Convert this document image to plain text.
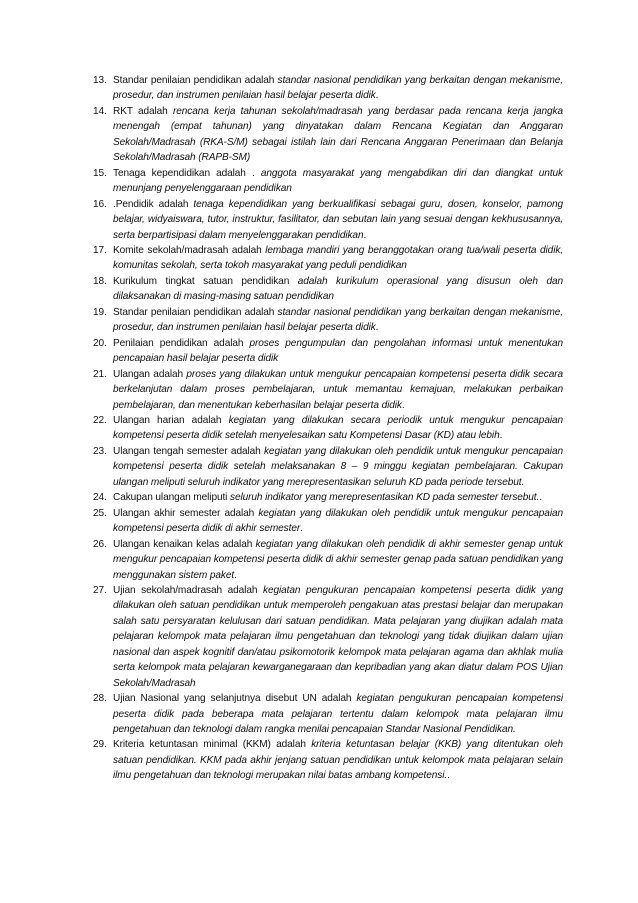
13. Standar penilaian pendidikan adalah standar nasional pendidikan yang berkaitan dengan mekanisme, prosedur, dan instrumen penilaian hasil belajar peserta didik.
14. RKT adalah rencana kerja tahunan sekolah/madrasah yang berdasar pada rencana kerja jangka menengah (empat tahunan) yang dinyatakan dalam Rencana Kegiatan dan Anggaran Sekolah/Madrasah (RKA-S/M) sebagai istilah lain dari Rencana Anggaran Penerimaan dan Belanja Sekolah/Madrasah (RAPB-SM)
15. Tenaga kependidikan adalah . anggota masyarakat yang mengabdikan diri dan diangkat untuk menunjang penyelenggaraan pendidikan
16. .Pendidik adalah tenaga kependidikan yang berkualifikasi sebagai guru, dosen, konselor, pamong belajar, widyaiswara, tutor, instruktur, fasilitator, dan sebutan lain yang sesuai dengan kekhususannya, serta berpartisipasi dalam menyelenggarakan pendidikan.
17. Komite sekolah/madrasah adalah lembaga mandiri yang beranggotakan orang tua/wali peserta didik, komunitas sekolah, serta tokoh masyarakat yang peduli pendidikan
18. Kurikulum tingkat satuan pendidikan adalah kurikulum operasional yang disusun oleh dan dilaksanakan di masing-masing satuan pendidikan
19. Standar penilaian pendidikan adalah standar nasional pendidikan yang berkaitan dengan mekanisme, prosedur, dan instrumen penilaian hasil belajar peserta didik.
20. Penilaian pendidikan adalah proses pengumpulan dan pengolahan informasi untuk menentukan pencapaian hasil belajar peserta didik
21. Ulangan adalah proses yang dilakukan untuk mengukur pencapaian kompetensi peserta didik secara berkelanjutan dalam proses pembelajaran, untuk memantau kemajuan, melakukan perbaikan pembelajaran, dan menentukan keberhasilan belajar peserta didik.
22. Ulangan harian adalah kegiatan yang dilakukan secara periodik untuk mengukur pencapaian kompetensi peserta didik setelah menyelesaikan satu Kompetensi Dasar (KD) atau lebih.
23. Ulangan tengah semester adalah kegiatan yang dilakukan oleh pendidik untuk mengukur pencapaian kompetensi peserta didik setelah melaksanakan 8 – 9 minggu kegiatan pembelajaran. Cakupan ulangan meliputi seluruh indikator yang merepresentasikan seluruh KD pada periode tersebut.
24. Cakupan ulangan meliputi seluruh indikator yang merepresentasikan KD pada semester tersebut..
25. Ulangan akhir semester adalah kegiatan yang dilakukan oleh pendidik untuk mengukur pencapaian kompetensi peserta didik di akhir semester.
26. Ulangan kenaikan kelas adalah kegiatan yang dilakukan oleh pendidik di akhir semester genap untuk mengukur pencapaian kompetensi peserta didik di akhir semester genap pada satuan pendidikan yang menggunakan sistem paket.
27. Ujian sekolah/madrasah adalah kegiatan pengukuran pencapaian kompetensi peserta didik yang dilakukan oleh satuan pendidikan untuk memperoleh pengakuan atas prestasi belajar dan merupakan salah satu persyaratan kelulusan dari satuan pendidikan. Mata pelajaran yang diujikan adalah mata pelajaran kelompok mata pelajaran ilmu pengetahuan dan teknologi yang tidak diujikan dalam ujian nasional dan aspek kognitif dan/atau psikomotorik kelompok mata pelajaran agama dan akhlak mulia serta kelompok mata pelajaran kewarganegaraan dan kepribadian yang akan diatur dalam POS Ujian Sekolah/Madrasah
28. Ujian Nasional yang selanjutnya disebut UN adalah kegiatan pengukuran pencapaian kompetensi peserta didik pada beberapa mata pelajaran tertentu dalam kelompok mata pelajaran ilmu pengetahuan dan teknologi dalam rangka menilai pencapaian Standar Nasional Pendidikan.
29. Kriteria ketuntasan minimal (KKM) adalah kriteria ketuntasan belajar (KKB) yang ditentukan oleh satuan pendidikan. KKM pada akhir jenjang satuan pendidikan untuk kelompok mata pelajaran selain ilmu pengetahuan dan teknologi merupakan nilai batas ambang kompetensi..
